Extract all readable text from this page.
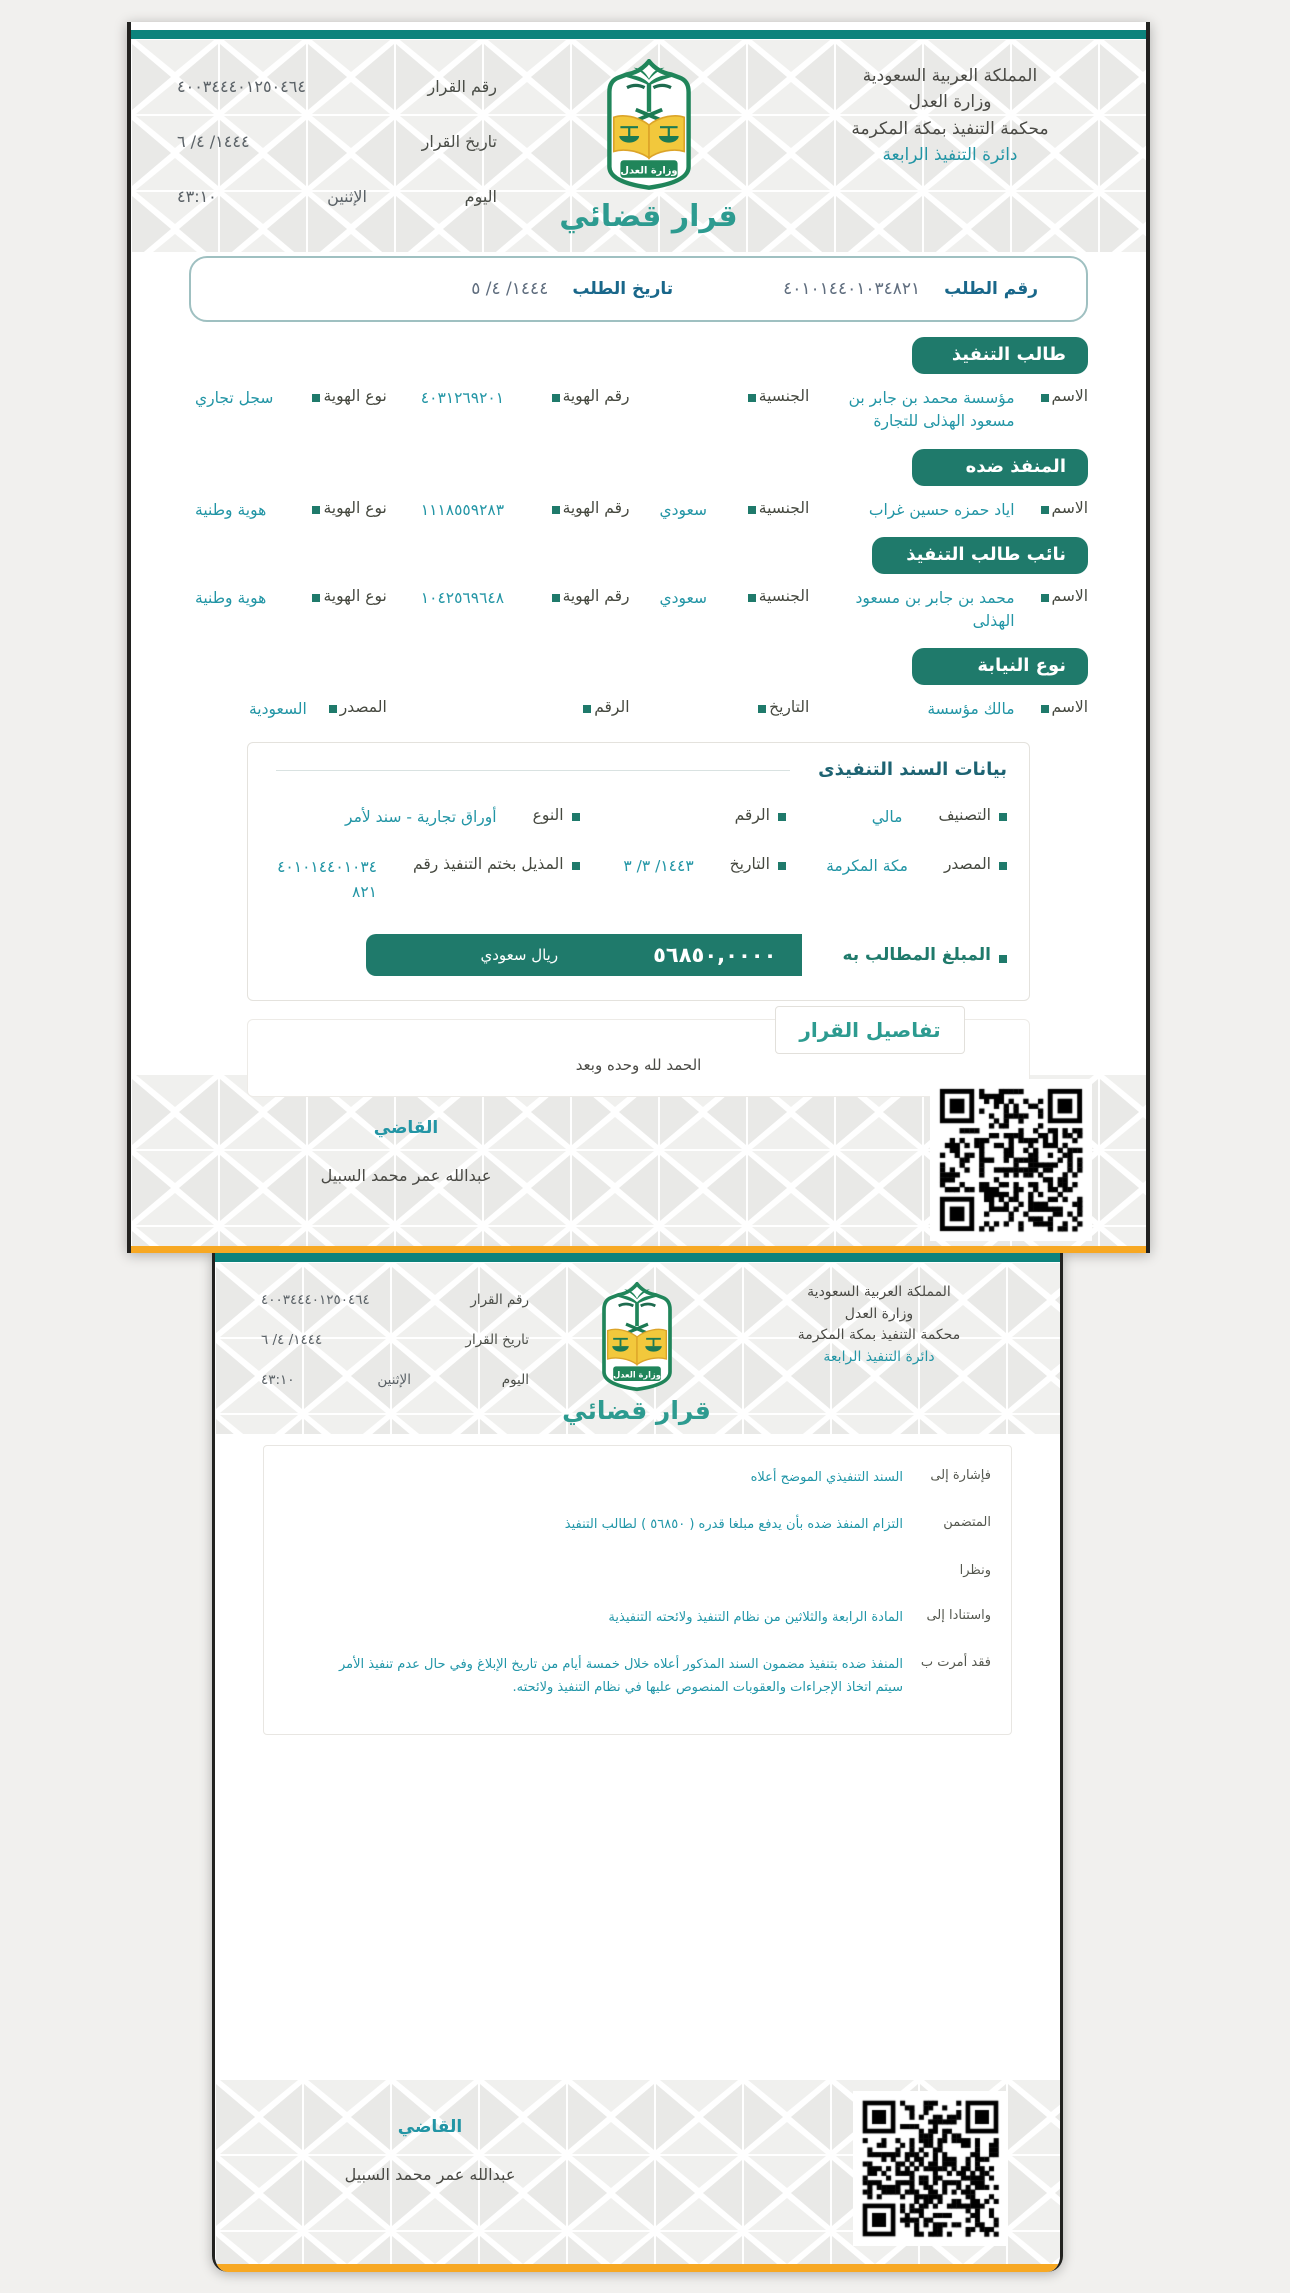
المملكة العربية السعودية
وزارة العدل
محكمة التنفيذ بمكة المكرمة
دائرة التنفيذ الرابعة
قرار قضائي
رقم القرار
٤٠٠٣٤٤٤٠١٢٥٠٤٦٤
تاريخ القرار
١٤٤٤/ ٤/ ٦
اليوم
الإثنين
٤٣:١٠
رقم الطلب
٤٠١٠١٤٤٠١٠٣٤٨٢١
تاريخ الطلب
١٤٤٤/ ٤/ ٥
طالب التنفيذ
الاسم
مؤسسة محمد بن جابر بن مسعود الهذلى للتجارة
الجنسية
رقم الهوية
٤٠٣١٢٦٩٢٠١
نوع الهوية
سجل تجاري
المنفذ ضده
الاسم
اياد حمزه حسين غراب
الجنسية
سعودي
رقم الهوية
١١١٨٥٥٩٢٨٣
نوع الهوية
هوية وطنية
نائب طالب التنفيذ
الاسم
محمد بن جابر بن مسعود الهذلى
الجنسية
سعودي
رقم الهوية
١٠٤٢٥٦٩٦٤٨
نوع الهوية
هوية وطنية
نوع النيابة
الاسم
مالك مؤسسة
التاريخ
الرقم
المصدر
السعودية
بيانات السند التنفيذى
التصنيف
مالي
الرقم
النوع
أوراق تجارية - سند لأمر
المصدر
مكة المكرمة
التاريخ
١٤٤٣/ ٣/ ٣
المذيل بختم التنفيذ رقم
٤٠١٠١٤٤٠١٠٣٤٨٢١
المبلغ المطالب به
٥٦٨٥٠,٠٠٠٠
ريال سعودي
تفاصيل القرار
الحمد لله وحده وبعد
القاضي
عبدالله عمر محمد السبيل
المملكة العربية السعودية
وزارة العدل
محكمة التنفيذ بمكة المكرمة
دائرة التنفيذ الرابعة
قرار قضائي
رقم القرار
٤٠٠٣٤٤٤٠١٢٥٠٤٦٤
تاريخ القرار
١٤٤٤/ ٤/ ٦
اليوم
الإثنين
٤٣:١٠
فإشارة إلى
السند التنفيذي الموضح أعلاه
المتضمن
التزام المنفذ ضده بأن يدفع مبلغا قدره ( ٥٦٨٥٠ ) لطالب التنفيذ
ونظرا
واستنادا إلى
المادة الرابعة والثلاثين من نظام التنفيذ ولائحته التنفيذية
فقد أمرت ب
المنفذ ضده بتنفيذ مضمون السند المذكور أعلاه خلال خمسة أيام من تاريخ الإبلاغ وفي حال عدم تنفيذ الأمر سيتم اتخاذ الإجراءات والعقوبات المنصوص عليها في نظام التنفيذ ولائحته.
القاضي
عبدالله عمر محمد السبيل
